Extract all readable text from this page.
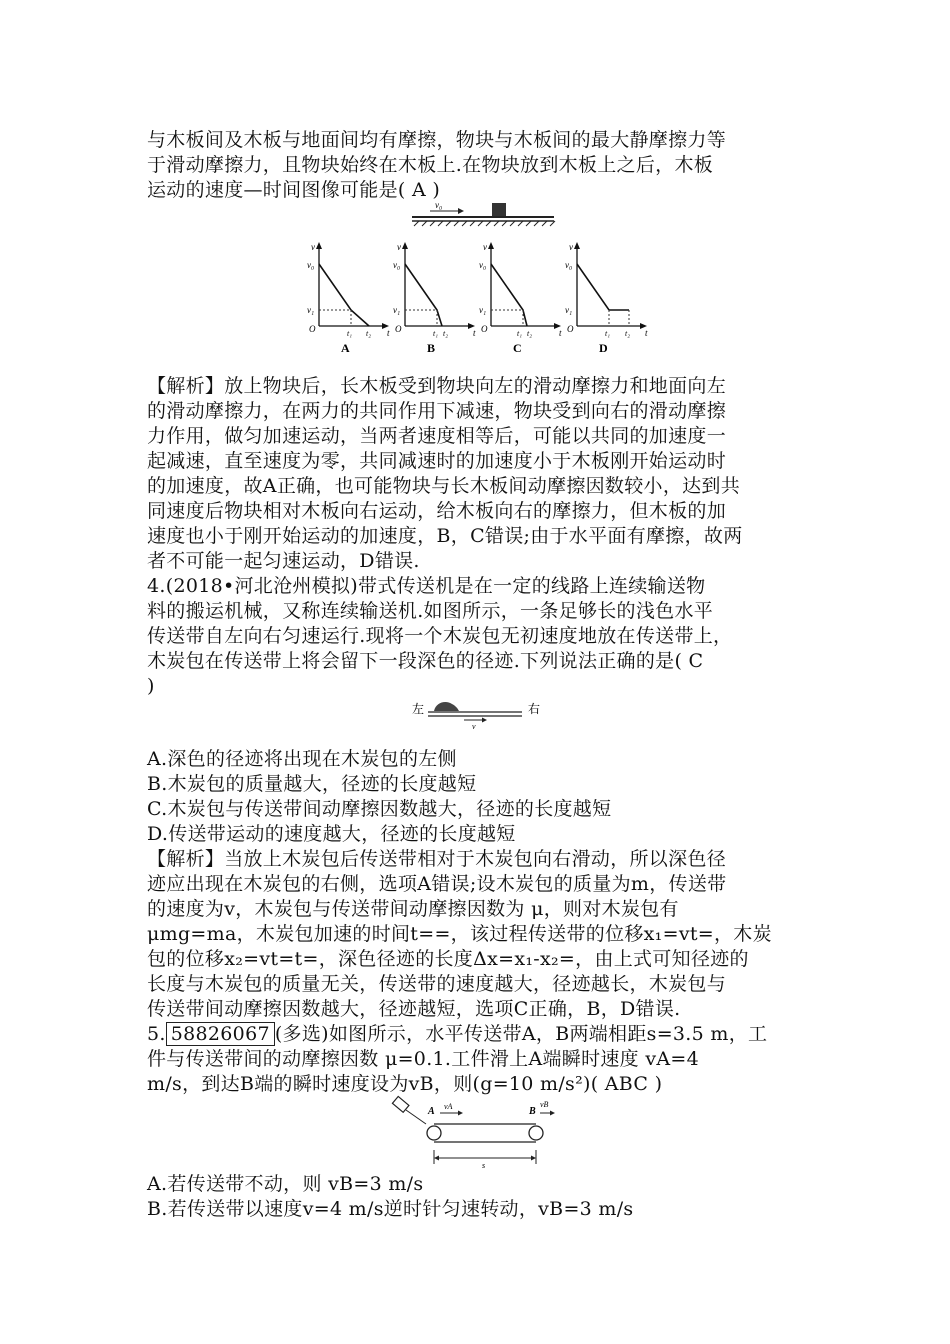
与木板间及木板与地面间均有摩擦，物块与木板间的最大静摩擦力等
于滑动摩擦力，且物块始终在木板上.在物块放到木板上之后，木板
运动的速度—时间图像可能是( A )
v₀
v
v₀
v₁
O	t₁ t₂ t
A
v
v₀
v₁
O	t₁ t₂	t
B
v
v₀
v₁
O	t₁ t₂	t
C
v
v₀
v₁
O	t₁ t₂ t
D
【解析】放上物块后，长木板受到物块向左的滑动摩擦力和地面向左
的滑动摩擦力，在两力的共同作用下减速，物块受到向右的滑动摩擦
力作用，做匀加速运动，当两者速度相等后，可能以共同的加速度一
起减速，直至速度为零，共同减速时的加速度小于木板刚开始运动时
的加速度，故A正确，也可能物块与长木板间动摩擦因数较小，达到共
同速度后物块相对木板向右运动，给木板向右的摩擦力，但木板的加
速度也小于刚开始运动的加速度，B，C错误;由于水平面有摩擦，故两
者不可能一起匀速运动，D错误.
4.(2018•河北沧州模拟)带式传送机是在一定的线路上连续输送物
料的搬运机械，又称连续输送机.如图所示，一条足够长的浅色水平
传送带自左向右匀速运行.现将一个木炭包无初速度地放在传送带上，
木炭包在传送带上将会留下一段深色的径迹.下列说法正确的是( C
)
左	右
v
A.深色的径迹将出现在木炭包的左侧
B.木炭包的质量越大，径迹的长度越短
C.木炭包与传送带间动摩擦因数越大，径迹的长度越短
D.传送带运动的速度越大，径迹的长度越短
【解析】当放上木炭包后传送带相对于木炭包向右滑动，所以深色径
迹应出现在木炭包的右侧，选项A错误;设木炭包的质量为m，传送带
的速度为v，木炭包与传送带间动摩擦因数为 μ，则对木炭包有
μmg=ma，木炭包加速的时间t==，该过程传送带的位移x₁=vt=，木炭
包的位移x₂=vt=t=，深色径迹的长度Δx=x₁-x₂=，由上式可知径迹的
长度与木炭包的质量无关，传送带的速度越大，径迹越长，木炭包与
传送带间动摩擦因数越大，径迹越短，选项C正确，B，D错误.
5. 58826067 (多选)如图所示，水平传送带A，B两端相距s=3.5 m，工
件与传送带间的动摩擦因数 μ=0.1.工件滑上A端瞬时速度 vA=4
m/s，到达B端的瞬时速度设为vB，则(g=10 m/s²)( ABC )
A	B
vA	vB
s
A.若传送带不动，则 vB=3 m/s
B.若传送带以速度v=4 m/s逆时针匀速转动，vB=3 m/s
